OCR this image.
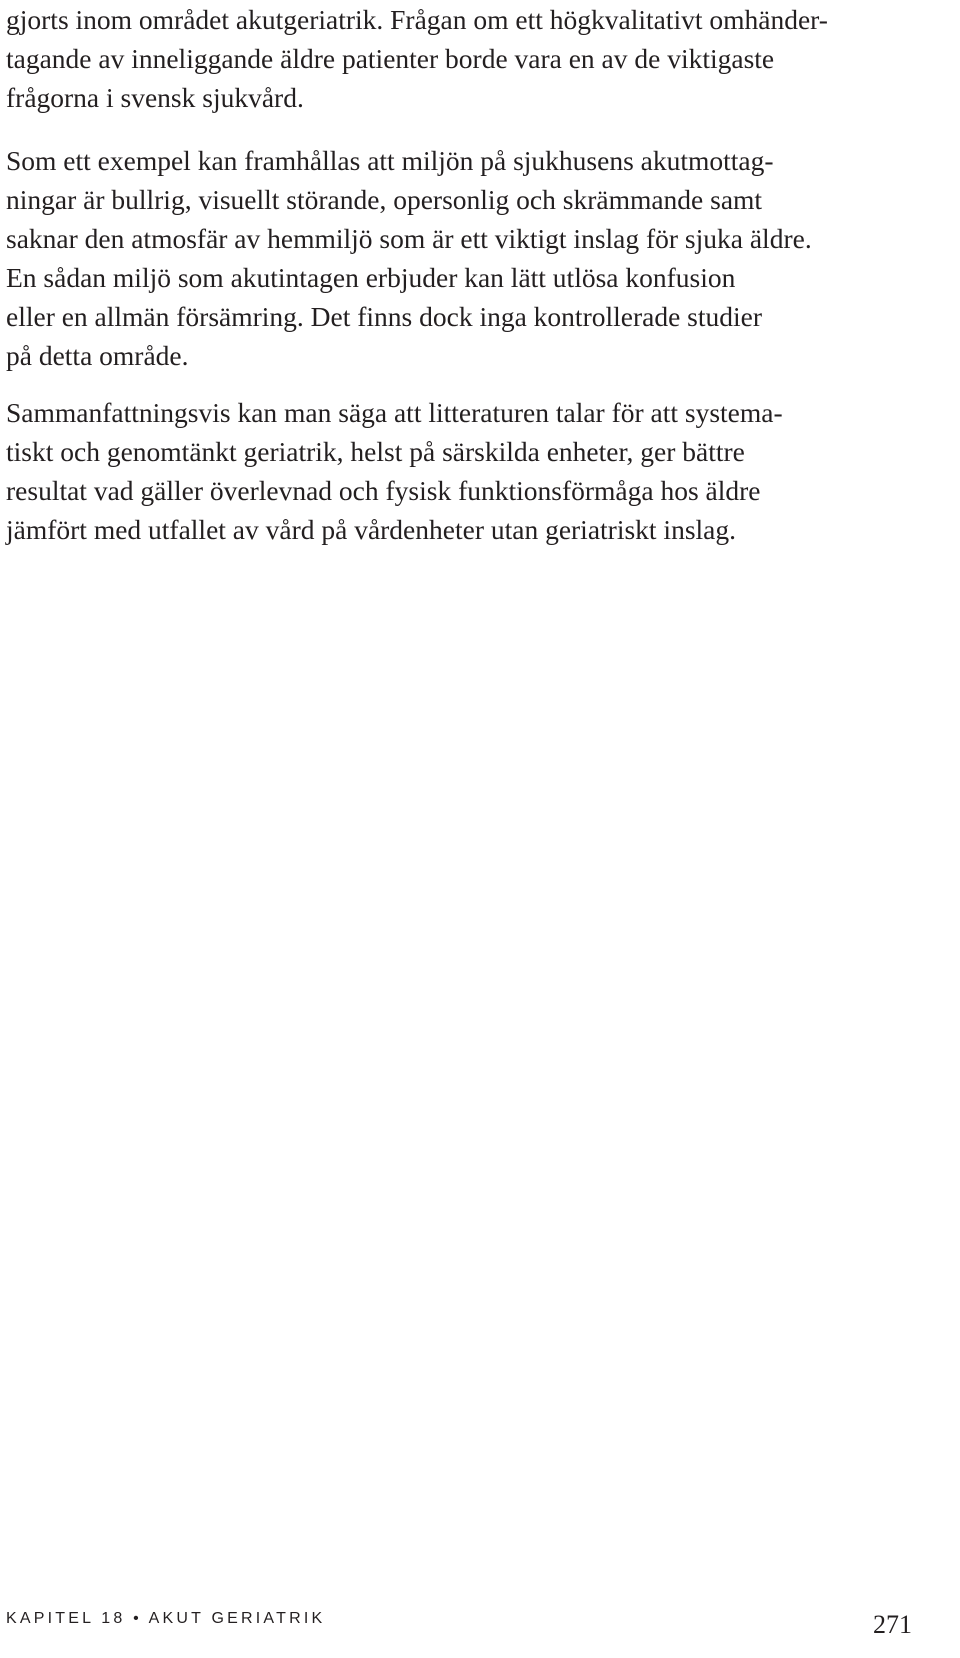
gjorts inom området akutgeriatrik. Frågan om ett högkvalitativt omhänder-
tagande av inneliggande äldre patienter borde vara en av de viktigaste
frågorna i svensk sjukvård.
Som ett exempel kan framhållas att miljön på sjukhusens akutmottag-
ningar är bullrig, visuellt störande, opersonlig och skrämmande samt
saknar den atmosfär av hemmiljö som är ett viktigt inslag för sjuka äldre.
En sådan miljö som akutintagen erbjuder kan lätt utlösa konfusion
eller en allmän försämring. Det finns dock inga kontrollerade studier
på detta område.
Sammanfattningsvis kan man säga att litteraturen talar för att systema-
tiskt och genomtänkt geriatrik, helst på särskilda enheter, ger bättre
resultat vad gäller överlevnad och fysisk funktionsförmåga hos äldre
jämfört med utfallet av vård på vårdenheter utan geriatriskt inslag.
KAPITEL 18 • AKUT GERIATRIK	271
